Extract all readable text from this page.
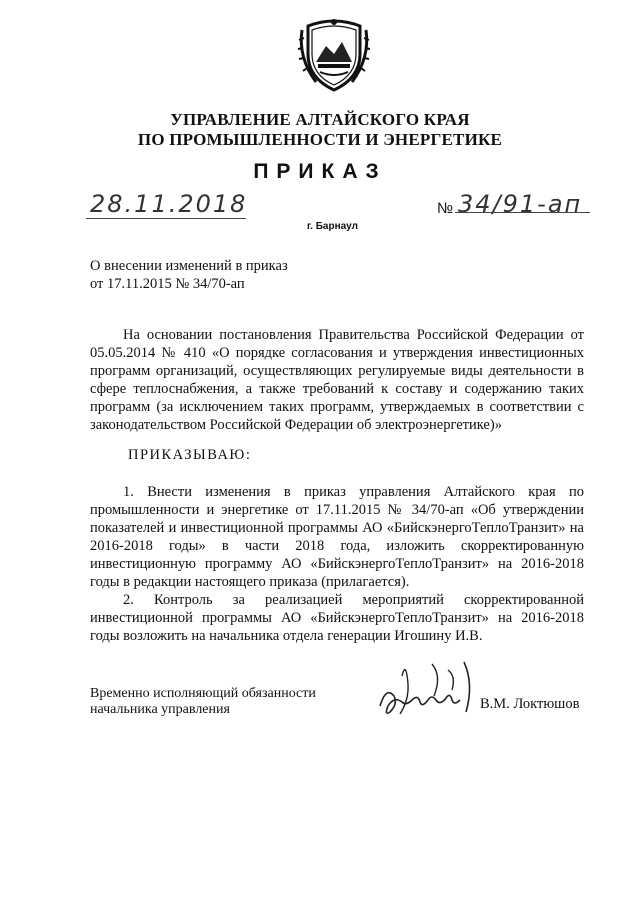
УПРАВЛЕНИЕ АЛТАЙСКОГО КРАЯ
ПО ПРОМЫШЛЕННОСТИ И ЭНЕРГЕТИКЕ
ПРИКАЗ
28.11.2018	№ 34/91-ап
г. Барнаул
О внесении изменений в приказ
от 17.11.2015 № 34/70-ап

На основании постановления Правительства Российской Федерации от 05.05.2014 № 410 «О порядке согласования и утверждения инвестиционных программ организаций, осуществляющих регулируемые виды деятельности в сфере теплоснабжения, а также требований к составу и содержанию таких программ (за исключением таких программ, утверждаемых в соответствии с законодательством Российской Федерации об электроэнергетике)»

ПРИКАЗЫВАЮ:

1. Внести изменения в приказ управления Алтайского края по промышленности и энергетике от 17.11.2015 № 34/70-ап «Об утверждении показателей и инвестиционной программы АО «БийскэнергоТеплоТранзит» на 2016-2018 годы» в части 2018 года, изложить скорректированную инвестиционную программу АО «БийскэнергоТеплоТранзит» на 2016-2018 годы в редакции настоящего приказа (прилагается).

2. Контроль за реализацией мероприятий скорректированной инвестиционной программы АО «БийскэнергоТеплоТранзит» на 2016-2018 годы возложить на начальника отдела генерации Игошину И.В.

Временно исполняющий обязанности
начальника управления	В.М. Локтюшов
